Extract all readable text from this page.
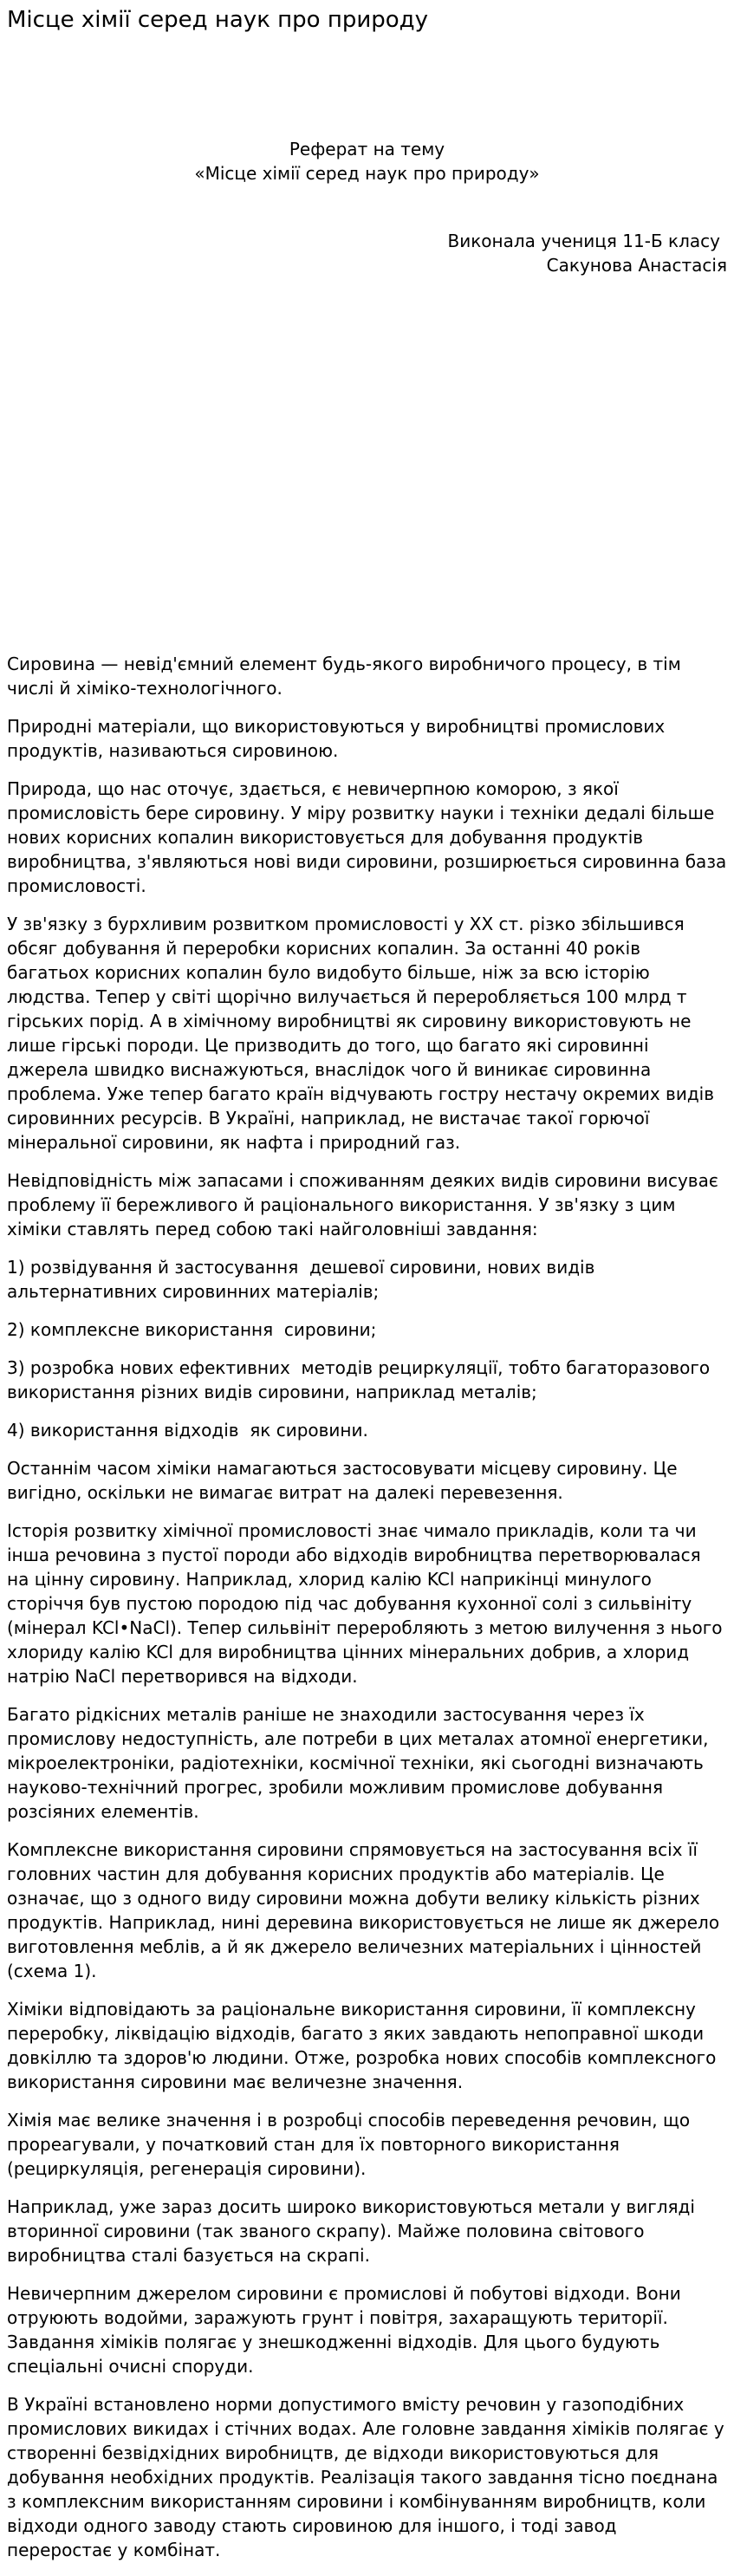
Місце хімії серед наук про природу

Реферат на тему

«Місце хімії серед наук про природу»

Виконала учениця 11-Б класу

Сакунова Анастасія

Сировина — невід'ємний елемент будь-якого виробничого процесу, в тім числі й хіміко-технологічного.

Природні матеріали, що використовуються у виробництві промислових продуктів, називаються сировиною.

Природа, що нас оточує, здається, є невичерпною коморою, з якої промисловість бере сировину. У міру розвитку науки і техніки дедалі більше нових корисних копалин використовується для добування продуктів виробництва, з'являються нові види сировини, розширюється сировинна база промисловості.

У зв'язку з бурхливим розвитком промисловості у XX ст. різко збільшився обсяг добування й переробки корисних копалин. За останні 40 років багатьох корисних копалин було видобуто більше, ніж за всю історію людства. Тепер у світі щорічно вилучається й переробляється 100 млрд т гірських порід. А в хімічному виробництві як сировину використовують не лише гірські породи. Це призводить до того, що багато які сировинні джерела швидко виснажуються, внаслідок чого й виникає сировинна проблема. Уже тепер багато країн відчувають гостру нестачу окремих видів сировинних ресурсів. В Україні, наприклад, не вистачає такої горючої мінеральної сировини, як нафта і природний газ.

Невідповідність між запасами і споживанням деяких видів сировини висуває проблему її бережливого й раціонального використання. У зв'язку з цим хіміки ставлять перед собою такі найголовніші завдання:

1) розвідування й застосування  дешевої сировини, нових видів альтернативних сировинних матеріалів;

2) комплексне використання  сировини;

3) розробка нових ефективних  методів рециркуляції, тобто багаторазового використання різних видів сировини, наприклад металів;

4) використання відходів  як сировини.

Останнім часом хіміки намагаються застосовувати місцеву сировину. Це вигідно, оскільки не вимагає витрат на далекі перевезення.

Історія розвитку хімічної промисловості знає чимало прикладів, коли та чи інша речовина з пустої породи або відходів виробництва перетворювалася на цінну сировину. Наприклад, хлорид калію KCl наприкінці минулого сторіччя був пустою породою під час добування кухонної солі з сильвініту (мінерал KCl•NaCl). Тепер сильвініт переробляють з метою вилучення з нього хлориду калію KCl для виробництва цінних мінеральних добрив, а хлорид натрію NaCl перетворився на відходи.

Багато рідкісних металів раніше не знаходили застосування через їх промислову недоступність, але потреби в цих металах атомної енергетики, мікроелектроніки, радіотехніки, космічної техніки, які сьогодні визначають науково-технічний прогрес, зробили можливим промислове добування розсіяних елементів.

Комплексне використання сировини спрямовується на застосування всіх її головних частин для добування корисних продуктів або матеріалів. Це означає, що з одного виду сировини можна добути велику кількість різних продуктів. Наприклад, нині деревина використовується не лише як джерело виготовлення меблів, а й як джерело величезних матеріальних і цінностей (схема 1).

Хіміки відповідають за раціональне використання сировини, її комплексну переробку, ліквідацію відходів, багато з яких завдають непоправної шкоди довкіллю та здоров'ю людини. Отже, розробка нових способів комплексного використання сировини має величезне значення.

Хімія має велике значення і в розробці способів переведення речовин, що прореагували, у початковий стан для їх повторного використання (рециркуляція, регенерація сировини).

Наприклад, уже зараз досить широко використовуються метали у вигляді вторинної сировини (так званого скрапу). Майже половина світового виробництва сталі базується на скрапі.

Невичерпним джерелом сировини є промислові й побутові відходи. Вони отруюють водойми, заражують грунт і повітря, захаращують території. Завдання хіміків полягає у знешкодженні відходів. Для цього будують спеціальні очисні споруди.

В Україні встановлено норми допустимого вмісту речовин у газоподібних промислових викидах і стічних водах. Але головне завдання хіміків полягає у створенні безвідхідних виробництв, де відходи використовуються для добування необхідних продуктів. Реалізація такого завдання тісно поєднана з комплексним використанням сировини і комбінуванням виробництв, коли відходи одного заводу стають сировиною для іншого, і тоді завод переростає у комбінат.
